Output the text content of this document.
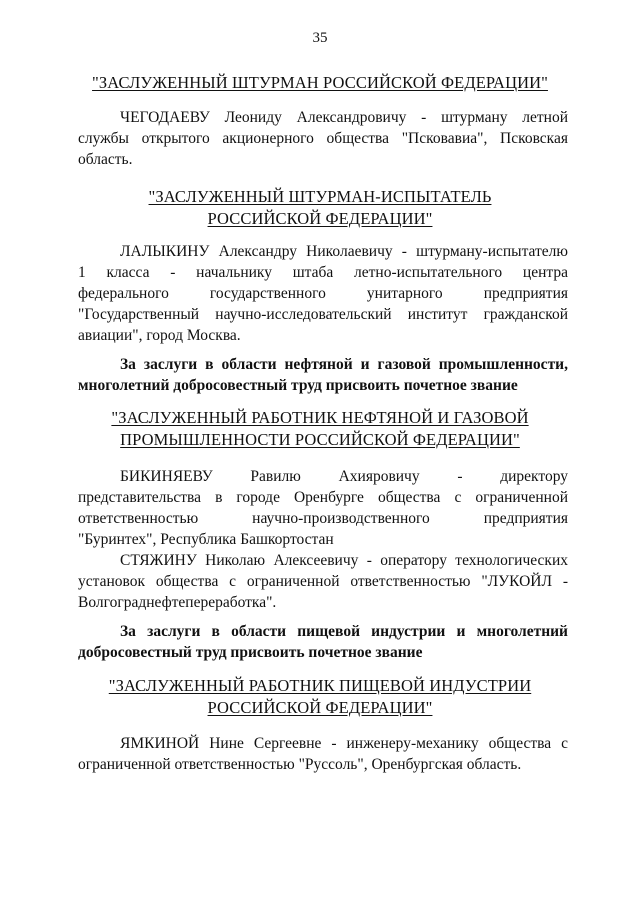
35
"ЗАСЛУЖЕННЫЙ ШТУРМАН РОССИЙСКОЙ ФЕДЕРАЦИИ"
ЧЕГОДАЕВУ Леониду Александровичу - штурману летной
службы открытого акционерного общества "Псковавиа", Псковская
область.
"ЗАСЛУЖЕННЫЙ ШТУРМАН-ИСПЫТАТЕЛЬ
РОССИЙСКОЙ ФЕДЕРАЦИИ"
ЛАЛЫКИНУ Александру Николаевичу - штурману-испытателю
1 класса - начальнику штаба летно-испытательного центра
федерального государственного унитарного предприятия
"Государственный научно-исследовательский институт гражданской
авиации", город Москва.
За заслуги в области нефтяной и газовой промышленности,
многолетний добросовестный труд присвоить почетное звание
"ЗАСЛУЖЕННЫЙ РАБОТНИК НЕФТЯНОЙ И ГАЗОВОЙ
ПРОМЫШЛЕННОСТИ РОССИЙСКОЙ ФЕДЕРАЦИИ"
БИКИНЯЕВУ Равилю Ахияровичу - директору
представительства в городе Оренбурге общества с ограниченной
ответственностью научно-производственного предприятия
"Буринтех", Республика Башкортостан
СТЯЖИНУ Николаю Алексеевичу - оператору технологических
установок общества с ограниченной ответственностью "ЛУКОЙЛ -
Волгограднефтепереработка".
За заслуги в области пищевой индустрии и многолетний
добросовестный труд присвоить почетное звание
"ЗАСЛУЖЕННЫЙ РАБОТНИК ПИЩЕВОЙ ИНДУСТРИИ
РОССИЙСКОЙ ФЕДЕРАЦИИ"
ЯМКИНОЙ Нине Сергеевне - инженеру-механику общества с
ограниченной ответственностью "Руссоль", Оренбургская область.
